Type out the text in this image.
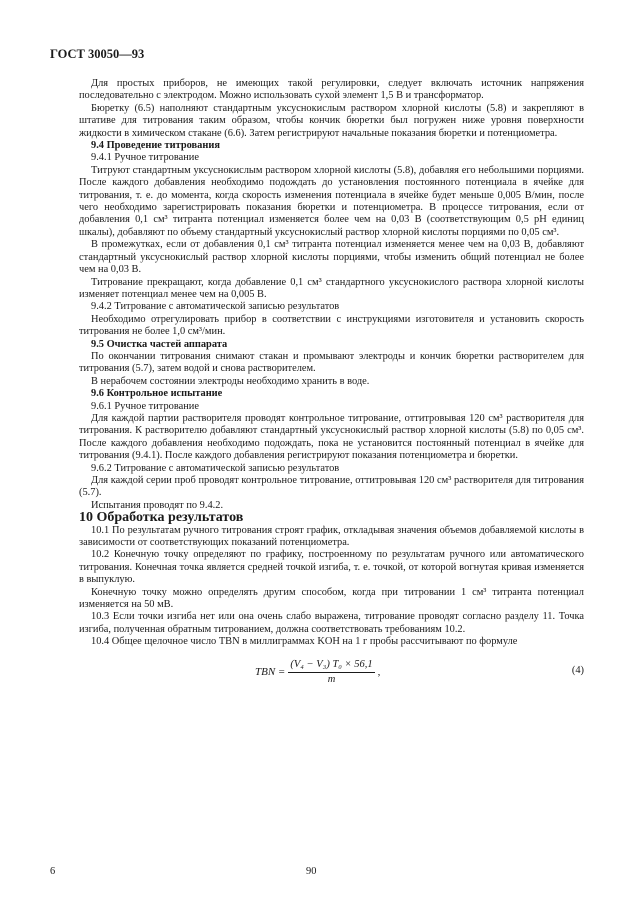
ГОСТ 30050—93

Для простых приборов, не имеющих такой регулировки, следует включать источник напряжения последовательно с электродом. Можно использовать сухой элемент 1,5 В и трансформатор.

Бюретку (6.5) наполняют стандартным уксуснокислым раствором хлорной кислоты (5.8) и закрепляют в штативе для титрования таким образом, чтобы кончик бюретки был погружен ниже уровня поверхности жидкости в химическом стакане (6.6). Затем регистрируют начальные показания бюретки и потенциометра.

9.4 Проведение титрования

9.4.1 Ручное титрование

Титруют стандартным уксуснокислым раствором хлорной кислоты (5.8), добавляя его небольшими порциями. После каждого добавления необходимо подождать до установления постоянного потенциала в ячейке для титрования, т. е. до момента, когда скорость изменения потенциала в ячейке будет меньше 0,005 В/мин, после чего необходимо зарегистрировать показания бюретки и потенциометра. В процессе титрования, если от добавления 0,1 см³ титранта потенциал изменяется более чем на 0,03 В (соответствующим 0,5 pH единиц шкалы), добавляют по объему стандартный уксуснокислый раствор хлорной кислоты порциями по 0,05 см³.

В промежутках, если от добавления 0,1 см³ титранта потенциал изменяется менее чем на 0,03 В, добавляют стандартный уксуснокислый раствор хлорной кислоты порциями, чтобы изменить общий потенциал не более чем на 0,03 В.

Титрование прекращают, когда добавление 0,1 см³ стандартного уксуснокислого раствора хлорной кислоты изменяет потенциал менее чем на 0,005 В.

9.4.2 Титрование с автоматической записью результатов

Необходимо отрегулировать прибор в соответствии с инструкциями изготовителя и установить скорость титрования не более 1,0 см³/мин.

9.5 Очистка частей аппарата

По окончании титрования снимают стакан и промывают электроды и кончик бюретки растворителем для титрования (5.7), затем водой и снова растворителем.

В нерабочем состоянии электроды необходимо хранить в воде.

9.6 Контрольное испытание

9.6.1 Ручное титрование

Для каждой партии растворителя проводят контрольное титрование, оттитровывая 120 см³ растворителя для титрования. К растворителю добавляют стандартный уксуснокислый раствор хлорной кислоты (5.8) по 0,05 см³. После каждого добавления необходимо подождать, пока не установится постоянный потенциал в ячейке для титрования (9.4.1). После каждого добавления регистрируют показания потенциометра и бюретки.

9.6.2 Титрование с автоматической записью результатов

Для каждой серии проб проводят контрольное титрование, оттитровывая 120 см³ растворителя для титрования (5.7).

Испытания проводят по 9.4.2.

10 Обработка результатов

10.1 По результатам ручного титрования строят график, откладывая значения объемов добавляемой кислоты в зависимости от соответствующих показаний потенциометра.

10.2 Конечную точку определяют по графику, построенному по результатам ручного или автоматического титрования. Конечная точка является средней точкой изгиба, т. е. точкой, от которой вогнутая кривая изменяется в выпуклую.

Конечную точку можно определять другим способом, когда при титровании 1 см³ титранта потенциал изменяется на 50 мВ.

10.3 Если точки изгиба нет или она очень слабо выражена, титрование проводят согласно разделу 11. Точка изгиба, полученная обратным титрованием, должна соответствовать требованиям 10.2.

10.4 Общее щелочное число TBN в миллиграммах KOH на 1 г пробы рассчитывают по формуле

TBN = $\frac{\text{(V₄ − V₃) T₀ × 56,1}}{m}$ ,	(4)
6	90
